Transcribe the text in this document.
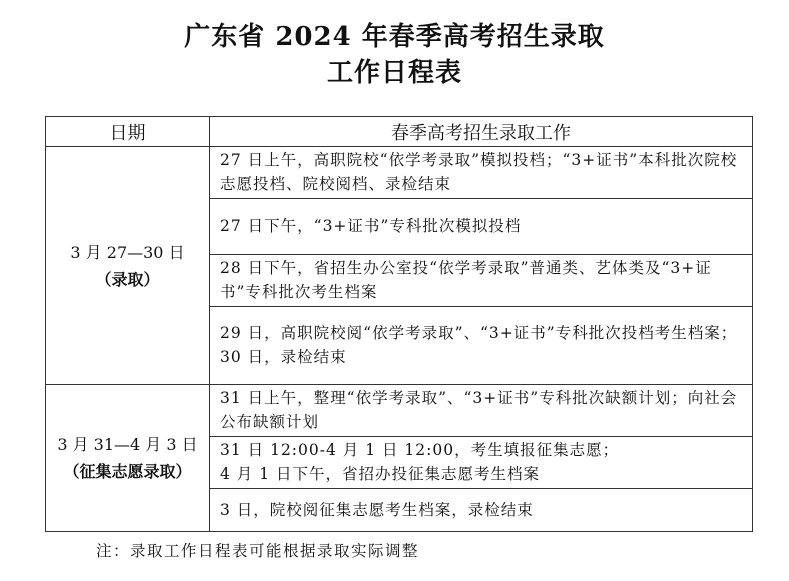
广东省 2024 年春季高考招生录取
工作日程表
日期	春季高考招生录取工作

3 月 27—30 日
（录取）	27 日上午，高职院校“依学考录取”模拟投档；“3+证书”本科批次院校志愿投档、院校阅档、录检结束
	27 日下午，“3+证书”专科批次模拟投档
	28 日下午，省招生办公室投“依学考录取”普通类、艺体类及“3+证书”专科批次考生档案
	29 日，高职院校阅“依学考录取”、“3+证书”专科批次投档考生档案；
30 日，录检结束

3 月 31—4 月 3 日
（征集志愿录取）	31 日上午，整理“依学考录取”、“3+证书”专科批次缺额计划；向社会公布缺额计划
	31 日 12:00-4 月 1 日 12:00，考生填报征集志愿；
4 月 1 日下午，省招办投征集志愿考生档案
	3 日，院校阅征集志愿考生档案，录检结束
注：录取工作日程表可能根据录取实际调整
